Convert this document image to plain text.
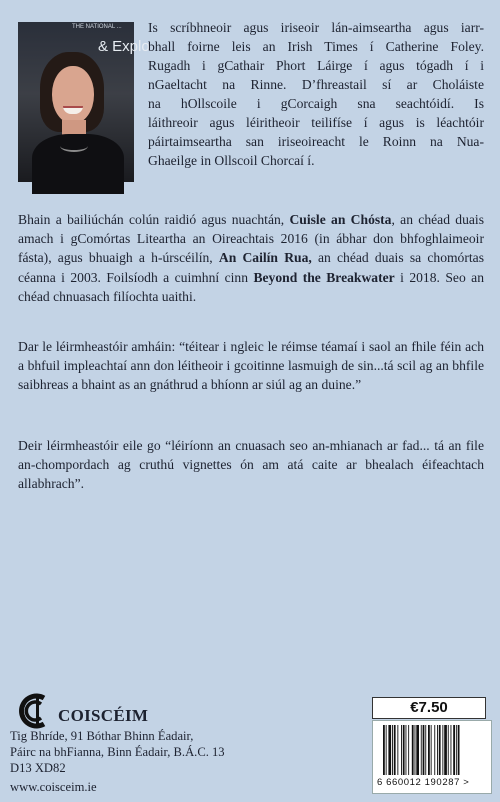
THE NATIONAL ...
& Explo

Is scríbhneoir agus iriseoir lán-aimseartha agus iarr-

bhall foirne leis an Irish Times í Catherine Foley.

Rugadh i gCathair Phort Láirge í agus tógadh í i

nGaeltacht na Rinne. D’fhreastail sí ar Choláiste

na hOllscoile i gCorcaigh sna seachtóidí. Is

láithreoir agus léiritheoir teilifíse í agus is léachtóir

páirtaimseartha san iriseoireacht le Roinn na Nua-

Ghaeilge in Ollscoil Chorcaí í.

Bhain a bailiúchán colún raidió agus nuachtán, Cuisle an Chósta, an chéad duais amach i gComórtas Liteartha an Oireachtais 2016 (in ábhar don bhfoghlaimeoir fásta), agus bhuaigh a h-úrscéilín, An Cailín Rua, an chéad duais sa chomórtas céanna i 2003. Foilsíodh a cuimhní cinn Beyond the Breakwater i 2018. Seo an chéad chnuasach filíochta uaithi.

Dar le léirmheastóir amháin: “téitear i ngleic le réimse téamaí i saol an fhile féin ach a bhfuil impleachtaí ann don léitheoir i gcoitinne lasmuigh de sin...tá scil ag an bhfile saibhreas a bhaint as an gnáthrud a bhíonn ar siúl ag an duine.”

Deir léirmheastóir eile go “léiríonn an cnuasach seo an-mhianach ar fad... tá an file an-chompordach ag cruthú vignettes ón am atá caite ar bhealach éifeachtach allabhrach”.

COISCÉIM
Tig Bhríde, 91 Bóthar Bhinn Éadair,
Páirc na bhFianna, Binn Éadair, B.Á.C. 13
D13 XD82
www.coisceim.ie
€7.50
6 660012 190287 >
